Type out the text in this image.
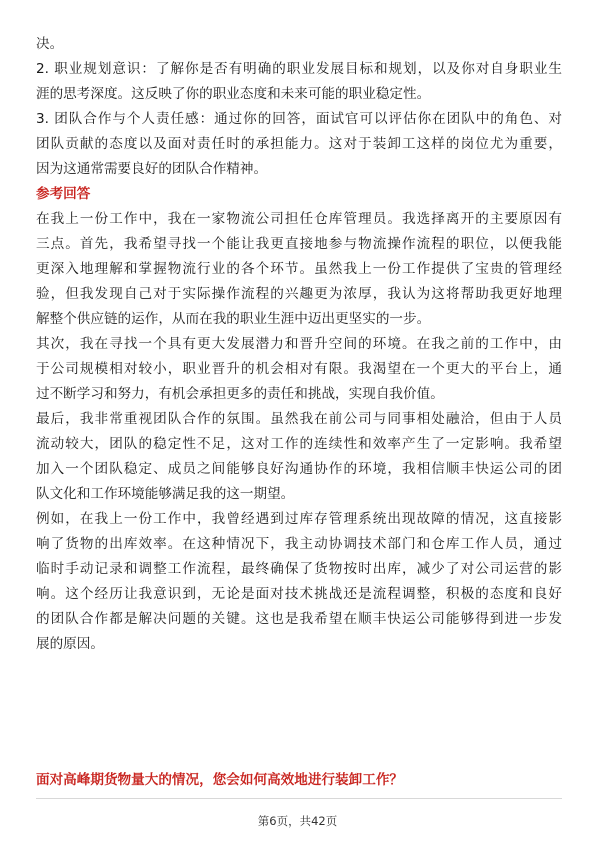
决。
2. 职业规划意识：了解你是否有明确的职业发展目标和规划，以及你对自身职业生
涯的思考深度。这反映了你的职业态度和未来可能的职业稳定性。
3. 团队合作与个人责任感：通过你的回答，面试官可以评估你在团队中的角色、对
团队贡献的态度以及面对责任时的承担能力。这对于装卸工这样的岗位尤为重要，
因为这通常需要良好的团队合作精神。
参考回答
在我上一份工作中，我在一家物流公司担任仓库管理员。我选择离开的主要原因有
三点。首先，我希望寻找一个能让我更直接地参与物流操作流程的职位，以便我能
更深入地理解和掌握物流行业的各个环节。虽然我上一份工作提供了宝贵的管理经
验，但我发现自己对于实际操作流程的兴趣更为浓厚，我认为这将帮助我更好地理
解整个供应链的运作，从而在我的职业生涯中迈出更坚实的一步。
其次，我在寻找一个具有更大发展潜力和晋升空间的环境。在我之前的工作中，由
于公司规模相对较小，职业晋升的机会相对有限。我渴望在一个更大的平台上，通
过不断学习和努力，有机会承担更多的责任和挑战，实现自我价值。
最后，我非常重视团队合作的氛围。虽然我在前公司与同事相处融洽，但由于人员
流动较大，团队的稳定性不足，这对工作的连续性和效率产生了一定影响。我希望
加入一个团队稳定、成员之间能够良好沟通协作的环境，我相信顺丰快运公司的团
队文化和工作环境能够满足我的这一期望。
例如，在我上一份工作中，我曾经遇到过库存管理系统出现故障的情况，这直接影
响了货物的出库效率。在这种情况下，我主动协调技术部门和仓库工作人员，通过
临时手动记录和调整工作流程，最终确保了货物按时出库，减少了对公司运营的影
响。这个经历让我意识到，无论是面对技术挑战还是流程调整，积极的态度和良好
的团队合作都是解决问题的关键。这也是我希望在顺丰快运公司能够得到进一步发
展的原因。
面对高峰期货物量大的情况，您会如何高效地进行装卸工作？
第6页，共42页
